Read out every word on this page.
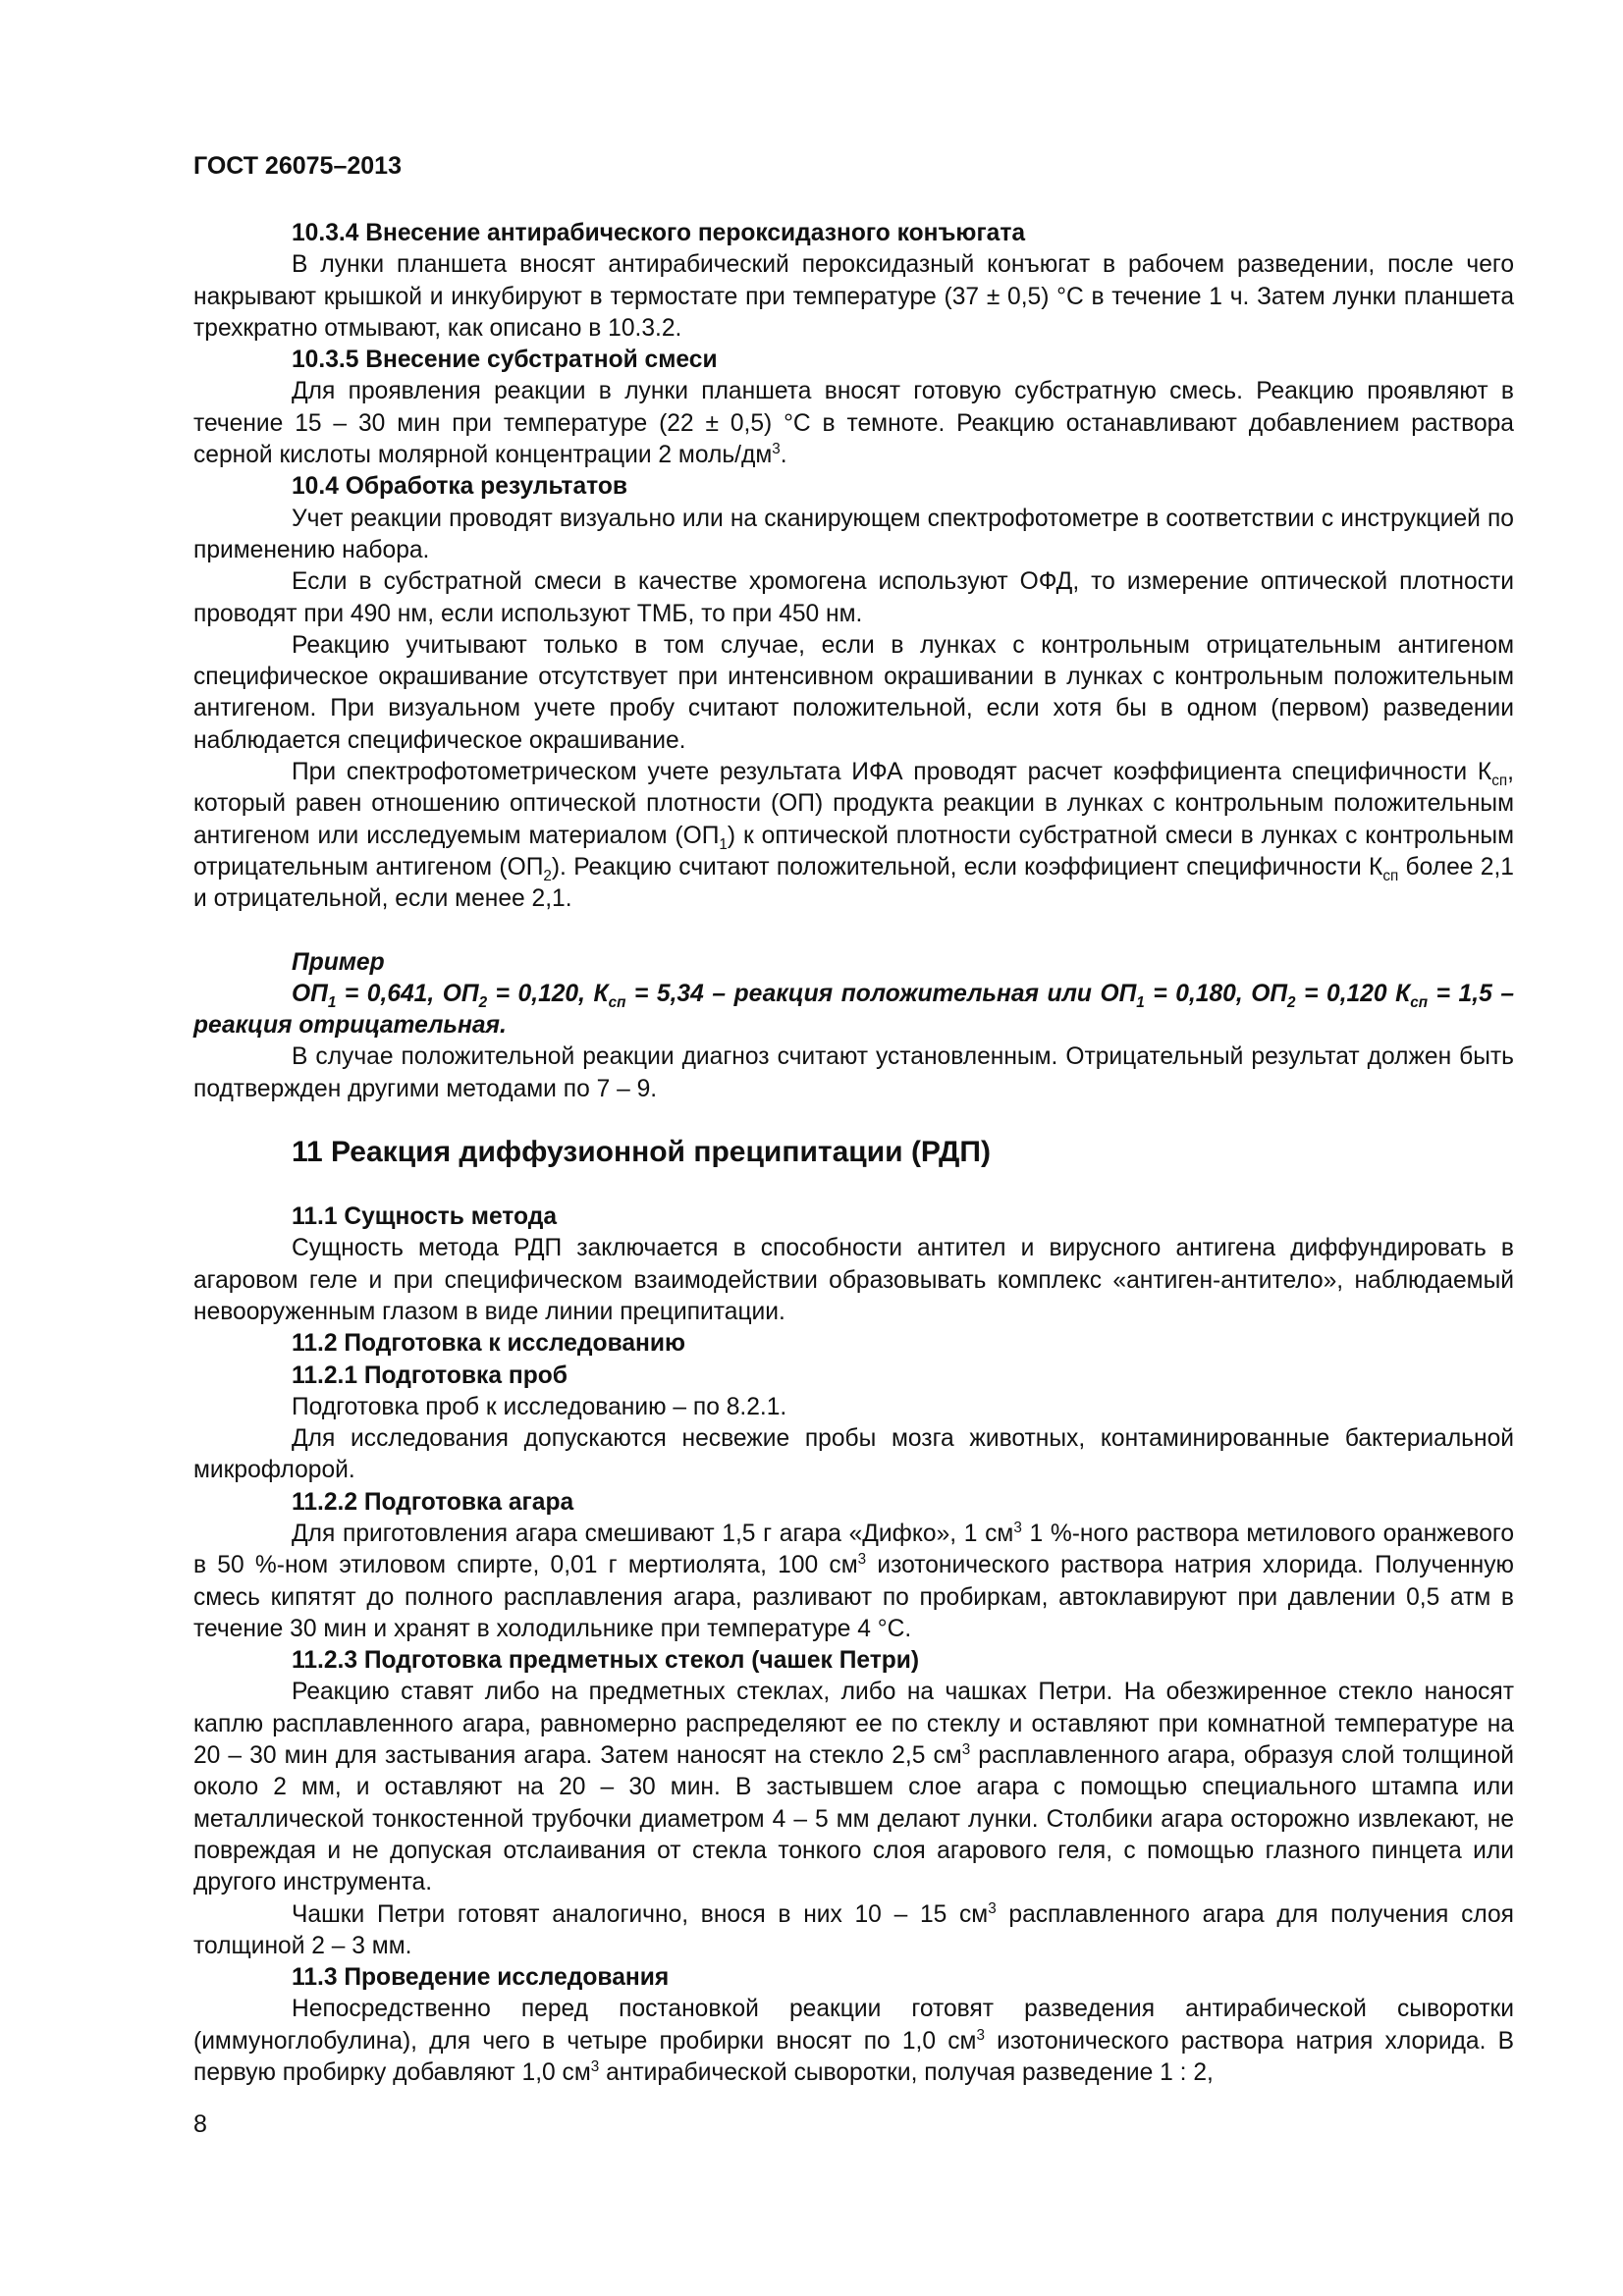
ГОСТ 26075–2013

10.3.4 Внесение антирабического пероксидазного конъюгата

В лунки планшета вносят антирабический пероксидазный конъюгат в рабочем разведении, после чего накрывают крышкой и инкубируют в термостате при температуре (37 ± 0,5) °С в течение 1 ч. Затем лунки планшета трехкратно отмывают, как описано в 10.3.2.

10.3.5 Внесение субстратной смеси

Для проявления реакции в лунки планшета вносят готовую субстратную смесь. Реакцию проявляют в течение 15 – 30 мин при температуре (22 ± 0,5) °С в темноте. Реакцию останавливают добавлением раствора серной кислоты молярной концентрации 2 моль/$дм^3$.

10.4 Обработка результатов

Учет реакции проводят визуально или на сканирующем спектрофотометре в соответствии с инструкцией по применению набора.

Если в субстратной смеси в качестве хромогена используют ОФД, то измерение оптической плотности проводят при 490 нм, если используют ТМБ, то при 450 нм.

Реакцию учитывают только в том случае, если в лунках с контрольным отрицательным антигеном специфическое окрашивание отсутствует при интенсивном окрашивании в лунках с контрольным положительным антигеном. При визуальном учете пробу считают положительной, если хотя бы в одном (первом) разведении наблюдается специфическое окрашивание.

При спектрофотометрическом учете результата ИФА проводят расчет коэффициента специфичности $К_{сп}$, который равен отношению оптической плотности (ОП) продукта реакции в лунках с контрольным положительным антигеном или исследуемым материалом $(ОП_1)$ к оптической плотности субстратной смеси в лунках с контрольным отрицательным антигеном $(ОП_2)$. Реакцию считают положительной, если коэффициент специфичности $К_{сп}$ более 2,1 и отрицательной, если менее 2,1.

Пример

$ОП_1 = 0,641$, $ОП_2 = 0,120$, $К_{сп} = 5,34$ – реакция положительная или $ОП_1 = 0,180$, $ОП_2 = 0,120$ $К_{сп} = 1,5$ – реакция отрицательная.

В случае положительной реакции диагноз считают установленным. Отрицательный результат должен быть подтвержден другими методами по 7 – 9.

11 Реакция диффузионной преципитации (РДП)

11.1 Сущность метода

Сущность метода РДП заключается в способности антител и вирусного антигена диффундировать в агаровом геле и при специфическом взаимодействии образовывать комплекс «антиген-антитело», наблюдаемый невооруженным глазом в виде линии преципитации.

11.2 Подготовка к исследованию

11.2.1 Подготовка проб

Подготовка проб к исследованию – по 8.2.1.

Для исследования допускаются несвежие пробы мозга животных, контаминированные бактериальной микрофлорой.

11.2.2 Подготовка агара

Для приготовления агара смешивают 1,5 г агара «Дифко», 1 $см^3$ 1 %-ного раствора метилового оранжевого в 50 %-ном этиловом спирте, 0,01 г мертиолята, 100 $см^3$ изотонического раствора натрия хлорида. Полученную смесь кипятят до полного расплавления агара, разливают по пробиркам, автоклавируют при давлении 0,5 атм в течение 30 мин и хранят в холодильнике при температуре 4 °С.

11.2.3 Подготовка предметных стекол (чашек Петри)

Реакцию ставят либо на предметных стеклах, либо на чашках Петри. На обезжиренное стекло наносят каплю расплавленного агара, равномерно распределяют ее по стеклу и оставляют при комнатной температуре на 20 – 30 мин для застывания агара. Затем наносят на стекло 2,5 $см^3$ расплавленного агара, образуя слой толщиной около 2 мм, и оставляют на 20 – 30 мин. В застывшем слое агара с помощью специального штампа или металлической тонкостенной трубочки диаметром 4 – 5 мм делают лунки. Столбики агара осторожно извлекают, не повреждая и не допуская отслаивания от стекла тонкого слоя агарового геля, с помощью глазного пинцета или другого инструмента.

Чашки Петри готовят аналогично, внося в них 10 – 15 $см^3$ расплавленного агара для получения слоя толщиной 2 – 3 мм.

11.3 Проведение исследования

Непосредственно перед постановкой реакции готовят разведения антирабической сыворотки (иммуноглобулина), для чего в четыре пробирки вносят по 1,0 $см^3$ изотонического раствора натрия хлорида. В первую пробирку добавляют 1,0 $см^3$ антирабической сыворотки, получая разведение 1 : 2,

8
